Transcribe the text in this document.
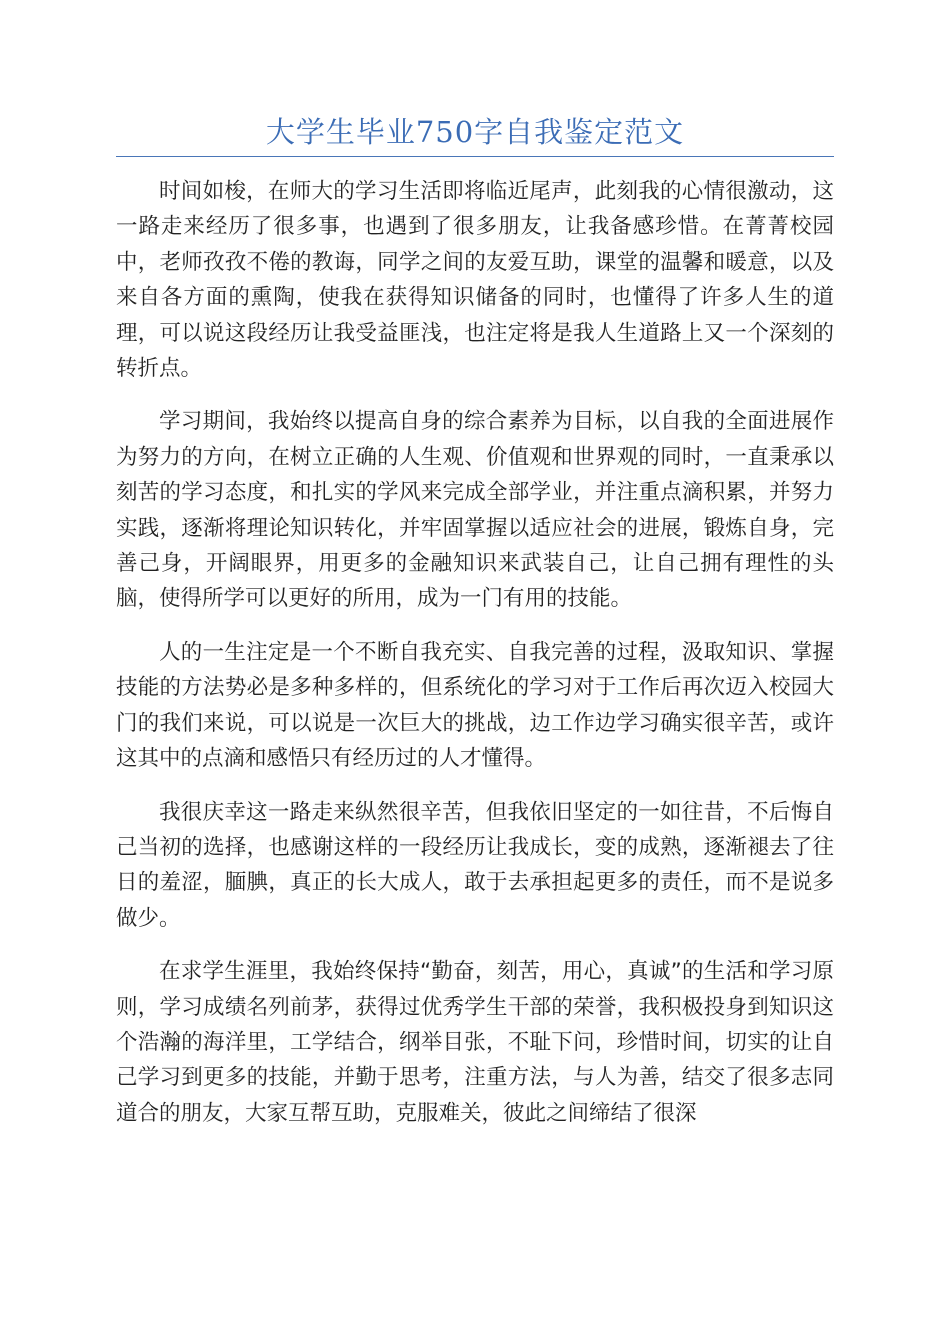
大学生毕业750字自我鉴定范文

时间如梭，在师大的学习生活即将临近尾声，此刻我的心情很激动，这一路走来经历了很多事，也遇到了很多朋友，让我备感珍惜。在菁菁校园中，老师孜孜不倦的教诲，同学之间的友爱互助，课堂的温馨和暖意，以及来自各方面的熏陶，使我在获得知识储备的同时，也懂得了许多人生的道理，可以说这段经历让我受益匪浅，也注定将是我人生道路上又一个深刻的转折点。

学习期间，我始终以提高自身的综合素养为目标，以自我的全面进展作为努力的方向，在树立正确的人生观、价值观和世界观的同时，一直秉承以刻苦的学习态度，和扎实的学风来完成全部学业，并注重点滴积累，并努力实践，逐渐将理论知识转化，并牢固掌握以适应社会的进展，锻炼自身，完善己身，开阔眼界，用更多的金融知识来武装自己，让自己拥有理性的头脑，使得所学可以更好的所用，成为一门有用的技能。

人的一生注定是一个不断自我充实、自我完善的过程，汲取知识、掌握技能的方法势必是多种多样的，但系统化的学习对于工作后再次迈入校园大门的我们来说，可以说是一次巨大的挑战，边工作边学习确实很辛苦，或许这其中的点滴和感悟只有经历过的人才懂得。

我很庆幸这一路走来纵然很辛苦，但我依旧坚定的一如往昔，不后悔自己当初的选择，也感谢这样的一段经历让我成长，变的成熟，逐渐褪去了往日的羞涩，腼腆，真正的长大成人，敢于去承担起更多的责任，而不是说多做少。

在求学生涯里，我始终保持“勤奋，刻苦，用心，真诚”的生活和学习原则，学习成绩名列前茅，获得过优秀学生干部的荣誉，我积极投身到知识这个浩瀚的海洋里，工学结合，纲举目张，不耻下问，珍惜时间，切实的让自己学习到更多的技能，并勤于思考，注重方法，与人为善，结交了很多志同道合的朋友，大家互帮互助，克服难关，彼此之间缔结了很深
